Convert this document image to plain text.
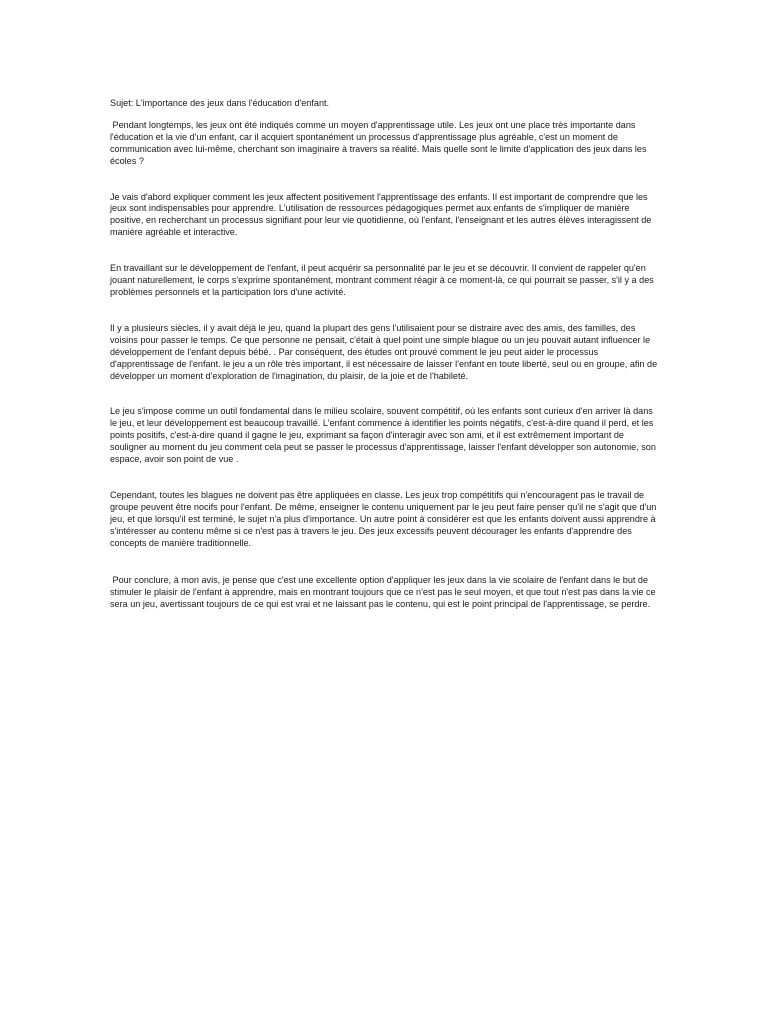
Sujet: L'importance des jeux dans l'éducation d'enfant.

Pendant longtemps, les jeux ont été indiqués comme un moyen d'apprentissage utile. Les jeux ont une place très importante dans l'éducation et la vie d'un enfant, car il acquiert spontanément un processus d'apprentissage plus agréable, c'est un moment de communication avec lui-même, cherchant son imaginaire à travers sa réalité. Mais quelle sont le limite d'application des jeux dans les écoles ?

Je vais d'abord expliquer comment les jeux affectent positivement l'apprentissage des enfants. Il est important de comprendre que les jeux sont indispensables pour apprendre. L'utilisation de ressources pédagogiques permet aux enfants de s'impliquer de manière positive, en recherchant un processus signifiant pour leur vie quotidienne, où l'enfant, l'enseignant et les autres élèves interagissent de manière agréable et interactive.

En travaillant sur le développement de l'enfant, il peut acquérir sa personnalité par le jeu et se découvrir. Il convient de rappeler qu'en jouant naturellement, le corps s'exprime spontanément, montrant comment réagir à ce moment-là, ce qui pourrait se passer, s'il y a des problèmes personnels et la participation lors d'une activité.

Il y a plusieurs siècles, il y avait déjà le jeu, quand la plupart des gens l'utilisaient pour se distraire avec des amis, des familles, des voisins pour passer le temps. Ce que personne ne pensait, c'était à quel point une simple blague ou un jeu pouvait autant influencer le développement de l'enfant depuis bébé. . Par conséquent, des études ont prouvé comment le jeu peut aider le processus d'apprentissage de l'enfant. le jeu a un rôle très important, il est nécessaire de laisser l'enfant en toute liberté, seul ou en groupe, afin de développer un moment d'exploration de l'imagination, du plaisir, de la joie et de l'habileté.

Le jeu s'impose comme un outil fondamental dans le milieu scolaire, souvent compétitif, où les enfants sont curieux d'en arriver là dans le jeu, et leur développement est beaucoup travaillé. L'enfant commence à identifier les points négatifs, c'est-à-dire quand il perd, et les points positifs, c'est-à-dire quand il gagne le jeu, exprimant sa façon d'interagir avec son ami, et il est extrêmement important de souligner au moment du jeu comment cela peut se passer le processus d'apprentissage, laisser l'enfant développer son autonomie, son espace, avoir son point de vue .

Cependant, toutes les blagues ne doivent pas être appliquées en classe. Les jeux trop compétitifs qui n'encouragent pas le travail de groupe peuvent être nocifs pour l'enfant. De même, enseigner le contenu uniquement par le jeu peut faire penser qu'il ne s'agit que d'un jeu, et que lorsqu'il est terminé, le sujet n'a plus d'importance. Un autre point à considérer est que les enfants doivent aussi apprendre à s'intéresser au contenu même si ce n'est pas à travers le jeu. Des jeux excessifs peuvent décourager les enfants d'apprendre des concepts de manière traditionnelle.

Pour conclure, à mon avis, je pense que c'est une excellente option d'appliquer les jeux dans la vie scolaire de l'enfant dans le but de stimuler le plaisir de l'enfant à apprendre, mais en montrant toujours que ce n'est pas le seul moyen, et que tout n'est pas dans la vie ce sera un jeu, avertissant toujours de ce qui est vrai et ne laissant pas le contenu, qui est le point principal de l'apprentissage, se perdre.
